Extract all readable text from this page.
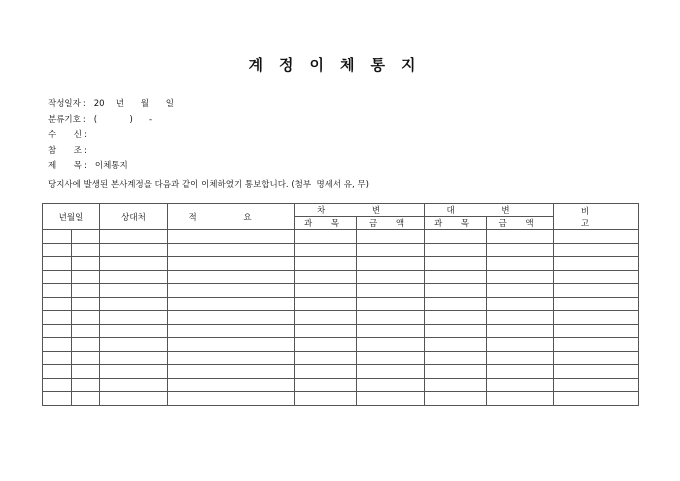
계정이체통지
작성일자 : 20	년	월	일
분류기호 : (            )      -
수 신 :
참 조 :
제 목 : 이체통지
당지사에 발생된 본사계정을 다음과 같이 이체하였기 통보합니다. (첨부  명세서 유, 무)
년월일		상대처	적 요	차 변		대 변		비 고
				과 목	금 액	과 목	금 액	
